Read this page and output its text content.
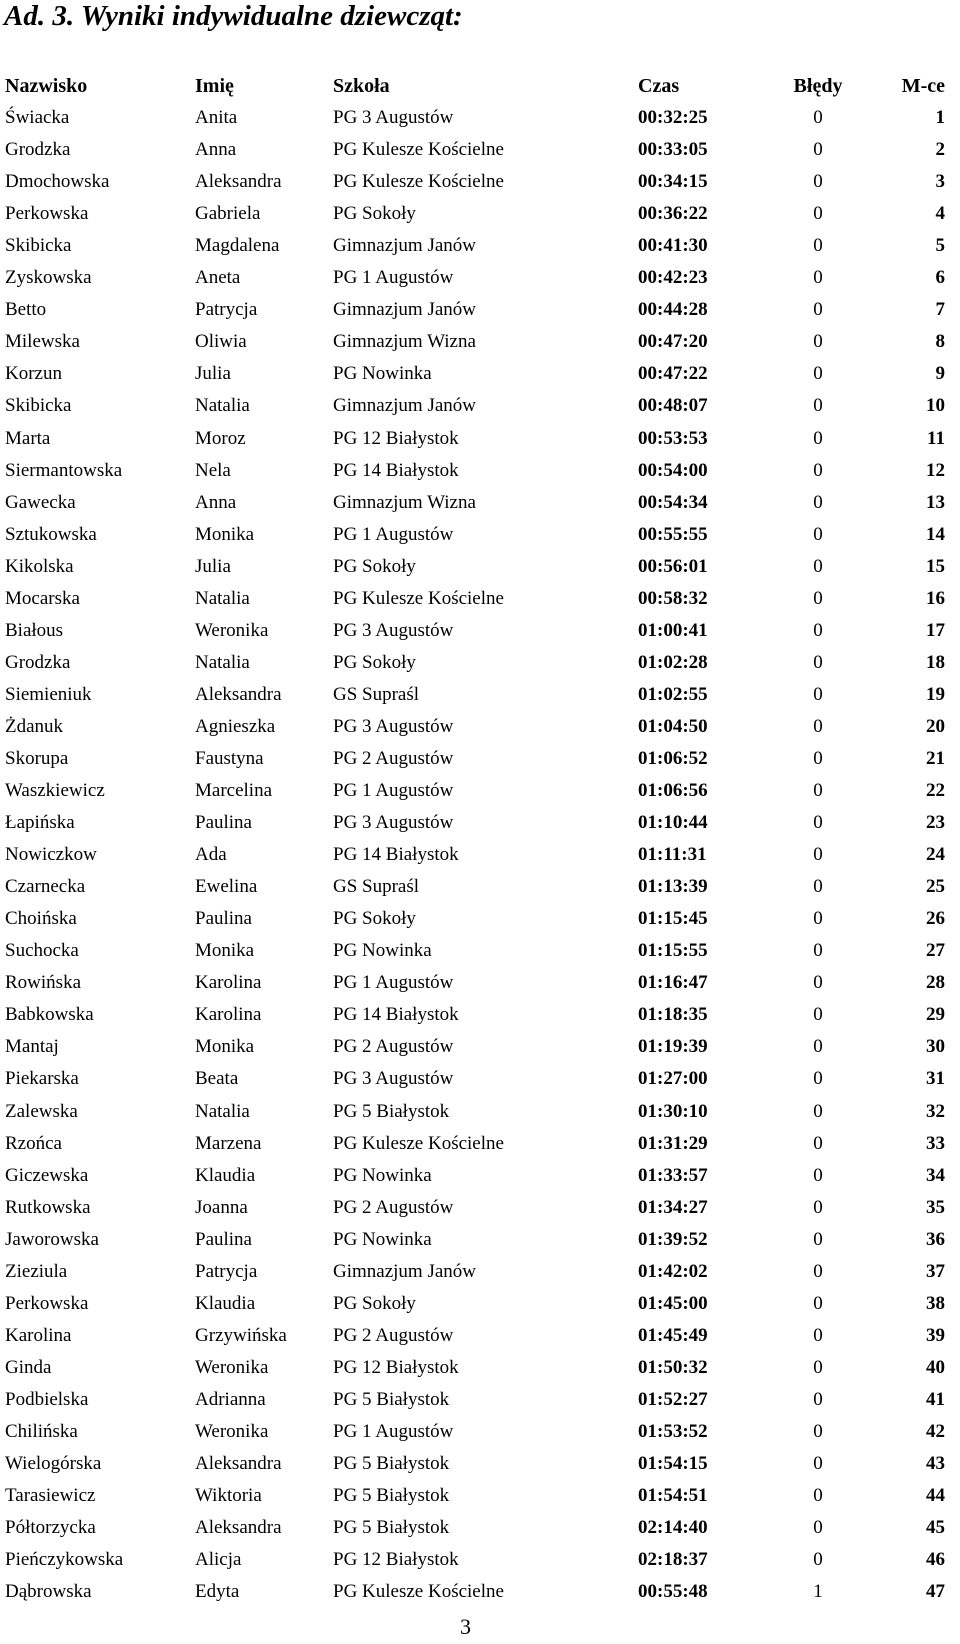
Ad. 3. Wyniki indywidualne dziewcząt:
Nazwisko	Imię	Szkoła	Czas	Błędy	M-ce
Świacka	Anita	PG 3 Augustów	00:32:25	0	1
Grodzka	Anna	PG Kulesze Kościelne	00:33:05	0	2
Dmochowska	Aleksandra	PG Kulesze Kościelne	00:34:15	0	3
Perkowska	Gabriela	PG Sokoły	00:36:22	0	4
Skibicka	Magdalena	Gimnazjum Janów	00:41:30	0	5
Zyskowska	Aneta	PG 1 Augustów	00:42:23	0	6
Betto	Patrycja	Gimnazjum Janów	00:44:28	0	7
Milewska	Oliwia	Gimnazjum Wizna	00:47:20	0	8
Korzun	Julia	PG Nowinka	00:47:22	0	9
Skibicka	Natalia	Gimnazjum Janów	00:48:07	0	10
Marta	Moroz	PG 12 Białystok	00:53:53	0	11
Siermantowska	Nela	PG 14 Białystok	00:54:00	0	12
Gawecka	Anna	Gimnazjum Wizna	00:54:34	0	13
Sztukowska	Monika	PG 1 Augustów	00:55:55	0	14
Kikolska	Julia	PG Sokoły	00:56:01	0	15
Mocarska	Natalia	PG Kulesze Kościelne	00:58:32	0	16
Białous	Weronika	PG 3 Augustów	01:00:41	0	17
Grodzka	Natalia	PG Sokoły	01:02:28	0	18
Siemieniuk	Aleksandra	GS Supraśl	01:02:55	0	19
Żdanuk	Agnieszka	PG 3 Augustów	01:04:50	0	20
Skorupa	Faustyna	PG 2 Augustów	01:06:52	0	21
Waszkiewicz	Marcelina	PG 1 Augustów	01:06:56	0	22
Łapińska	Paulina	PG 3 Augustów	01:10:44	0	23
Nowiczkow	Ada	PG 14 Białystok	01:11:31	0	24
Czarnecka	Ewelina	GS Supraśl	01:13:39	0	25
Choińska	Paulina	PG Sokoły	01:15:45	0	26
Suchocka	Monika	PG Nowinka	01:15:55	0	27
Rowińska	Karolina	PG 1 Augustów	01:16:47	0	28
Babkowska	Karolina	PG 14 Białystok	01:18:35	0	29
Mantaj	Monika	PG 2 Augustów	01:19:39	0	30
Piekarska	Beata	PG 3 Augustów	01:27:00	0	31
Zalewska	Natalia	PG 5 Białystok	01:30:10	0	32
Rzońca	Marzena	PG Kulesze Kościelne	01:31:29	0	33
Giczewska	Klaudia	PG Nowinka	01:33:57	0	34
Rutkowska	Joanna	PG 2 Augustów	01:34:27	0	35
Jaworowska	Paulina	PG Nowinka	01:39:52	0	36
Zieziula	Patrycja	Gimnazjum Janów	01:42:02	0	37
Perkowska	Klaudia	PG Sokoły	01:45:00	0	38
Karolina	Grzywińska	PG 2 Augustów	01:45:49	0	39
Ginda	Weronika	PG 12 Białystok	01:50:32	0	40
Podbielska	Adrianna	PG 5 Białystok	01:52:27	0	41
Chilińska	Weronika	PG 1 Augustów	01:53:52	0	42
Wielogórska	Aleksandra	PG 5 Białystok	01:54:15	0	43
Tarasiewicz	Wiktoria	PG 5 Białystok	01:54:51	0	44
Półtorzycka	Aleksandra	PG 5 Białystok	02:14:40	0	45
Pieńczykowska	Alicja	PG 12 Białystok	02:18:37	0	46
Dąbrowska	Edyta	PG Kulesze Kościelne	00:55:48	1	47
3
